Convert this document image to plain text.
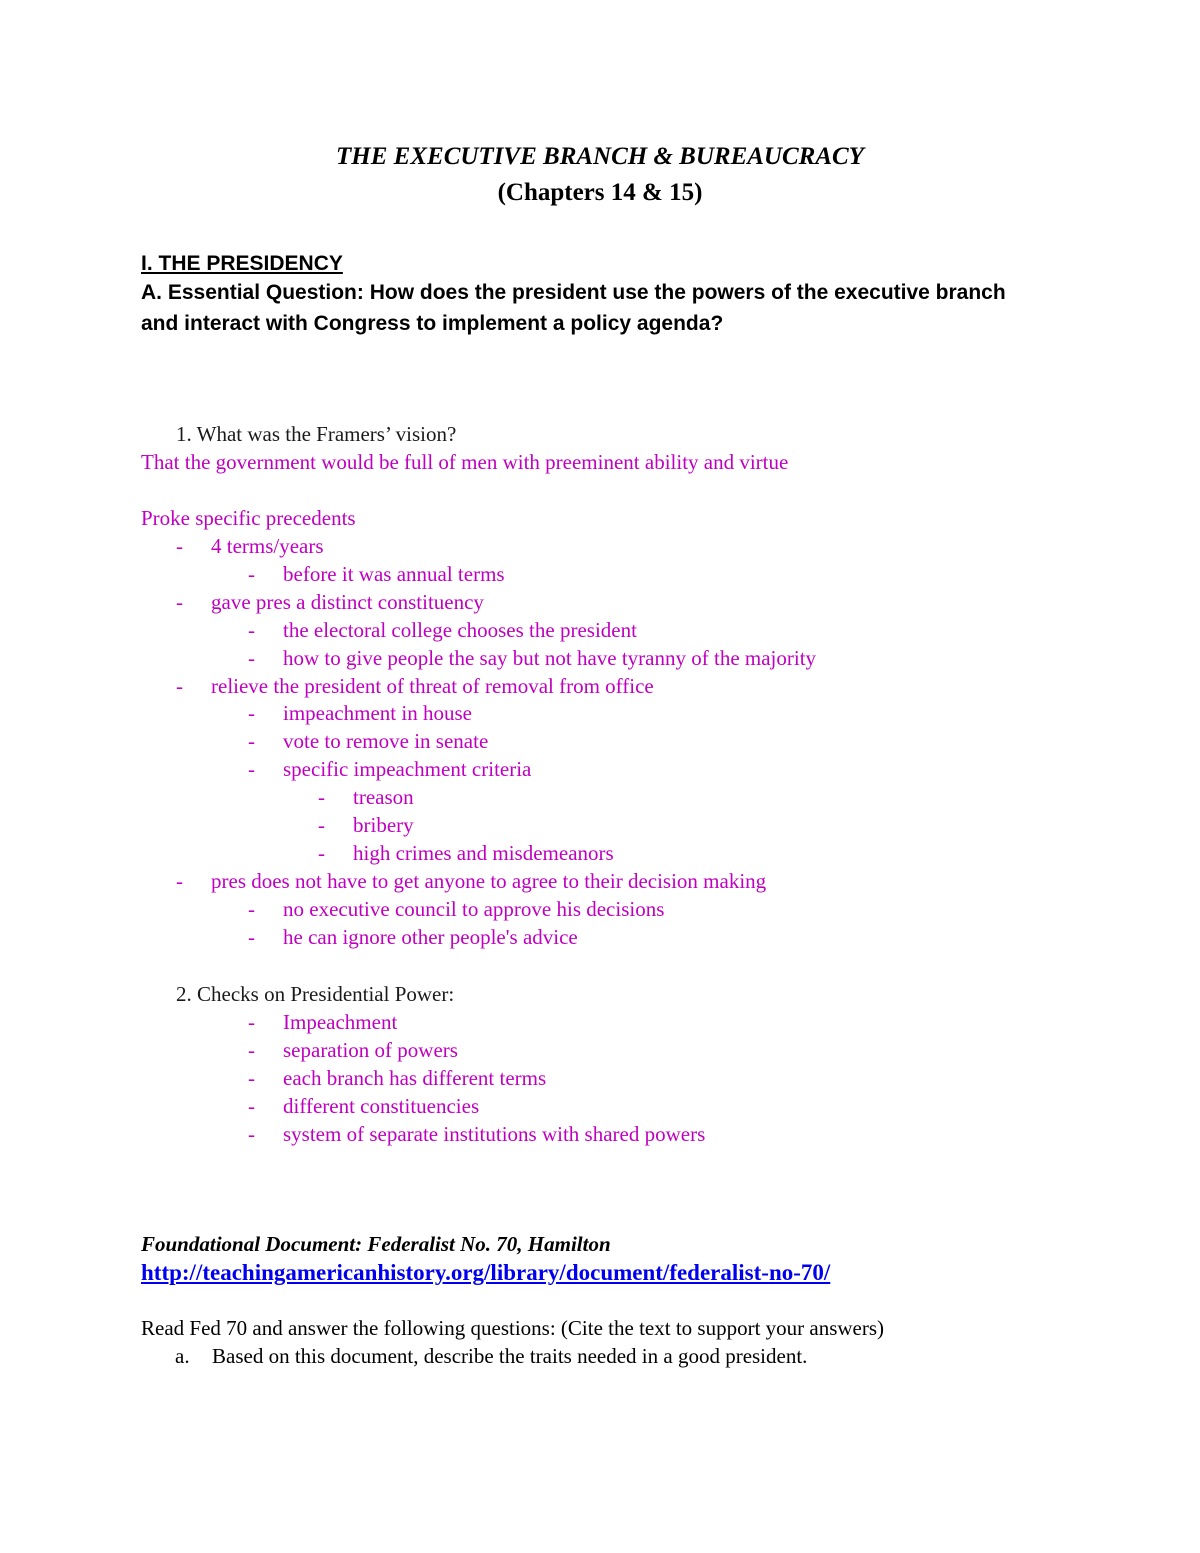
THE EXECUTIVE BRANCH & BUREAUCRACY
(Chapters 14 & 15)
I. THE PRESIDENCY
A. Essential Question: How does the president use the powers of the executive branch
and interact with Congress to implement a policy agenda?
1. What was the Framers’ vision?
That the government would be full of men with preeminent ability and virtue
Proke specific precedents
- 4 terms/years
- before it was annual terms
- gave pres a distinct constituency
- the electoral college chooses the president
- how to give people the say but not have tyranny of the majority
- relieve the president of threat of removal from office
- impeachment in house
- vote to remove in senate
- specific impeachment criteria
- treason
- bribery
- high crimes and misdemeanors
- pres does not have to get anyone to agree to their decision making
- no executive council to approve his decisions
- he can ignore other people's advice
2. Checks on Presidential Power:
- Impeachment
- separation of powers
- each branch has different terms
- different constituencies
- system of separate institutions with shared powers
Foundational Document: Federalist No. 70, Hamilton
http://teachingamericanhistory.org/library/document/federalist-no-70/
Read Fed 70 and answer the following questions: (Cite the text to support your answers)
a. Based on this document, describe the traits needed in a good president.
